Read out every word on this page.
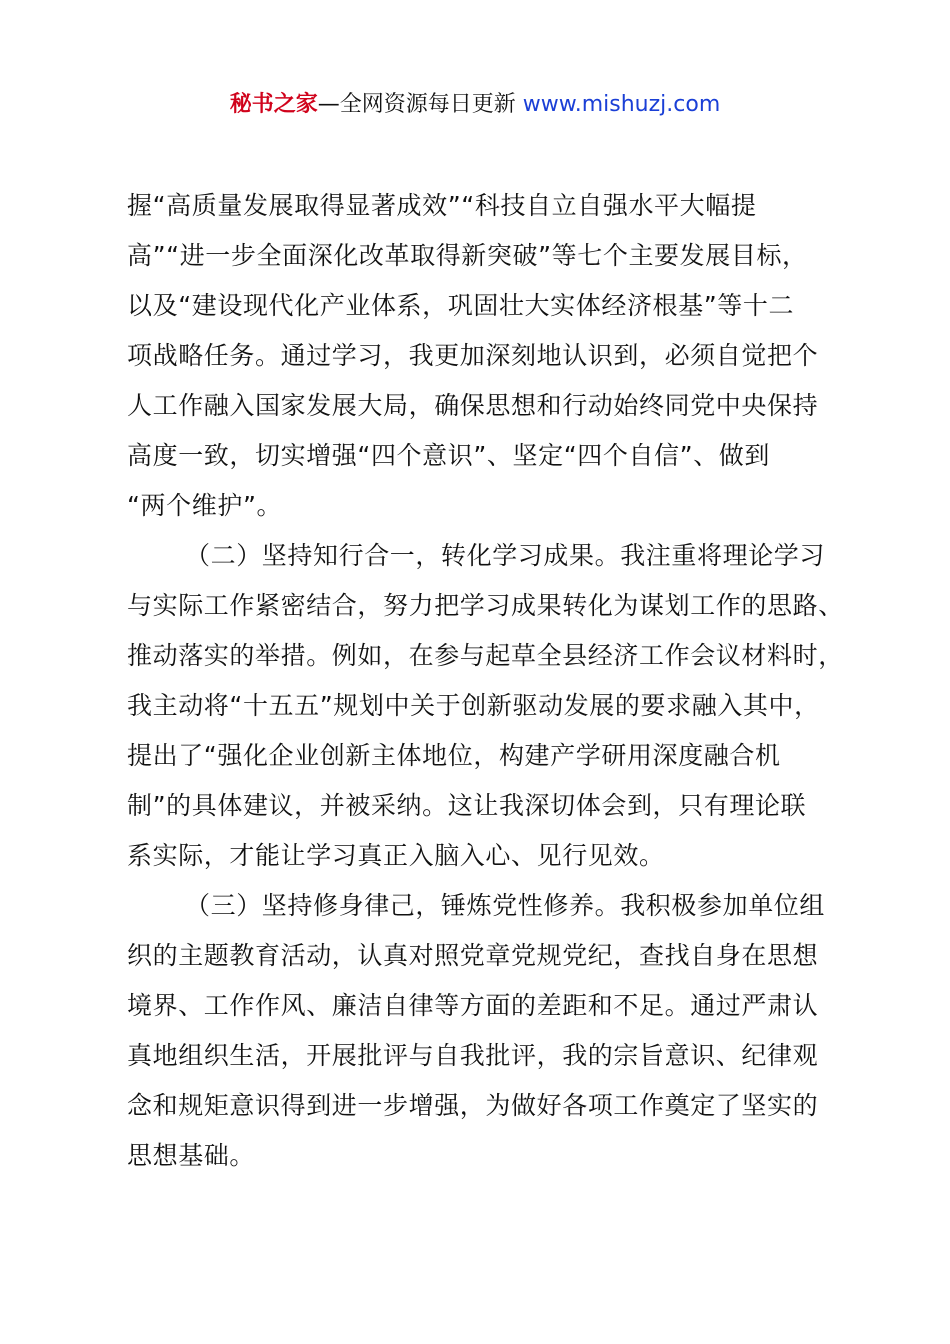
秘书之家—全网资源每日更新 www.mishuzj.com
握“高质量发展取得显著成效”“科技自立自强水平大幅提
高”“进一步全面深化改革取得新突破”等七个主要发展目标，
以及“建设现代化产业体系，巩固壮大实体经济根基”等十二
项战略任务。通过学习，我更加深刻地认识到，必须自觉把个
人工作融入国家发展大局，确保思想和行动始终同党中央保持
高度一致，切实增强“四个意识”、坚定“四个自信”、做到
“两个维护”。
（二）坚持知行合一，转化学习成果。我注重将理论学习
与实际工作紧密结合，努力把学习成果转化为谋划工作的思路、
推动落实的举措。例如，在参与起草全县经济工作会议材料时，
我主动将“十五五”规划中关于创新驱动发展的要求融入其中，
提出了“强化企业创新主体地位，构建产学研用深度融合机
制”的具体建议，并被采纳。这让我深切体会到，只有理论联
系实际，才能让学习真正入脑入心、见行见效。
（三）坚持修身律己，锤炼党性修养。我积极参加单位组
织的主题教育活动，认真对照党章党规党纪，查找自身在思想
境界、工作作风、廉洁自律等方面的差距和不足。通过严肃认
真地组织生活，开展批评与自我批评，我的宗旨意识、纪律观
念和规矩意识得到进一步增强，为做好各项工作奠定了坚实的
思想基础。
